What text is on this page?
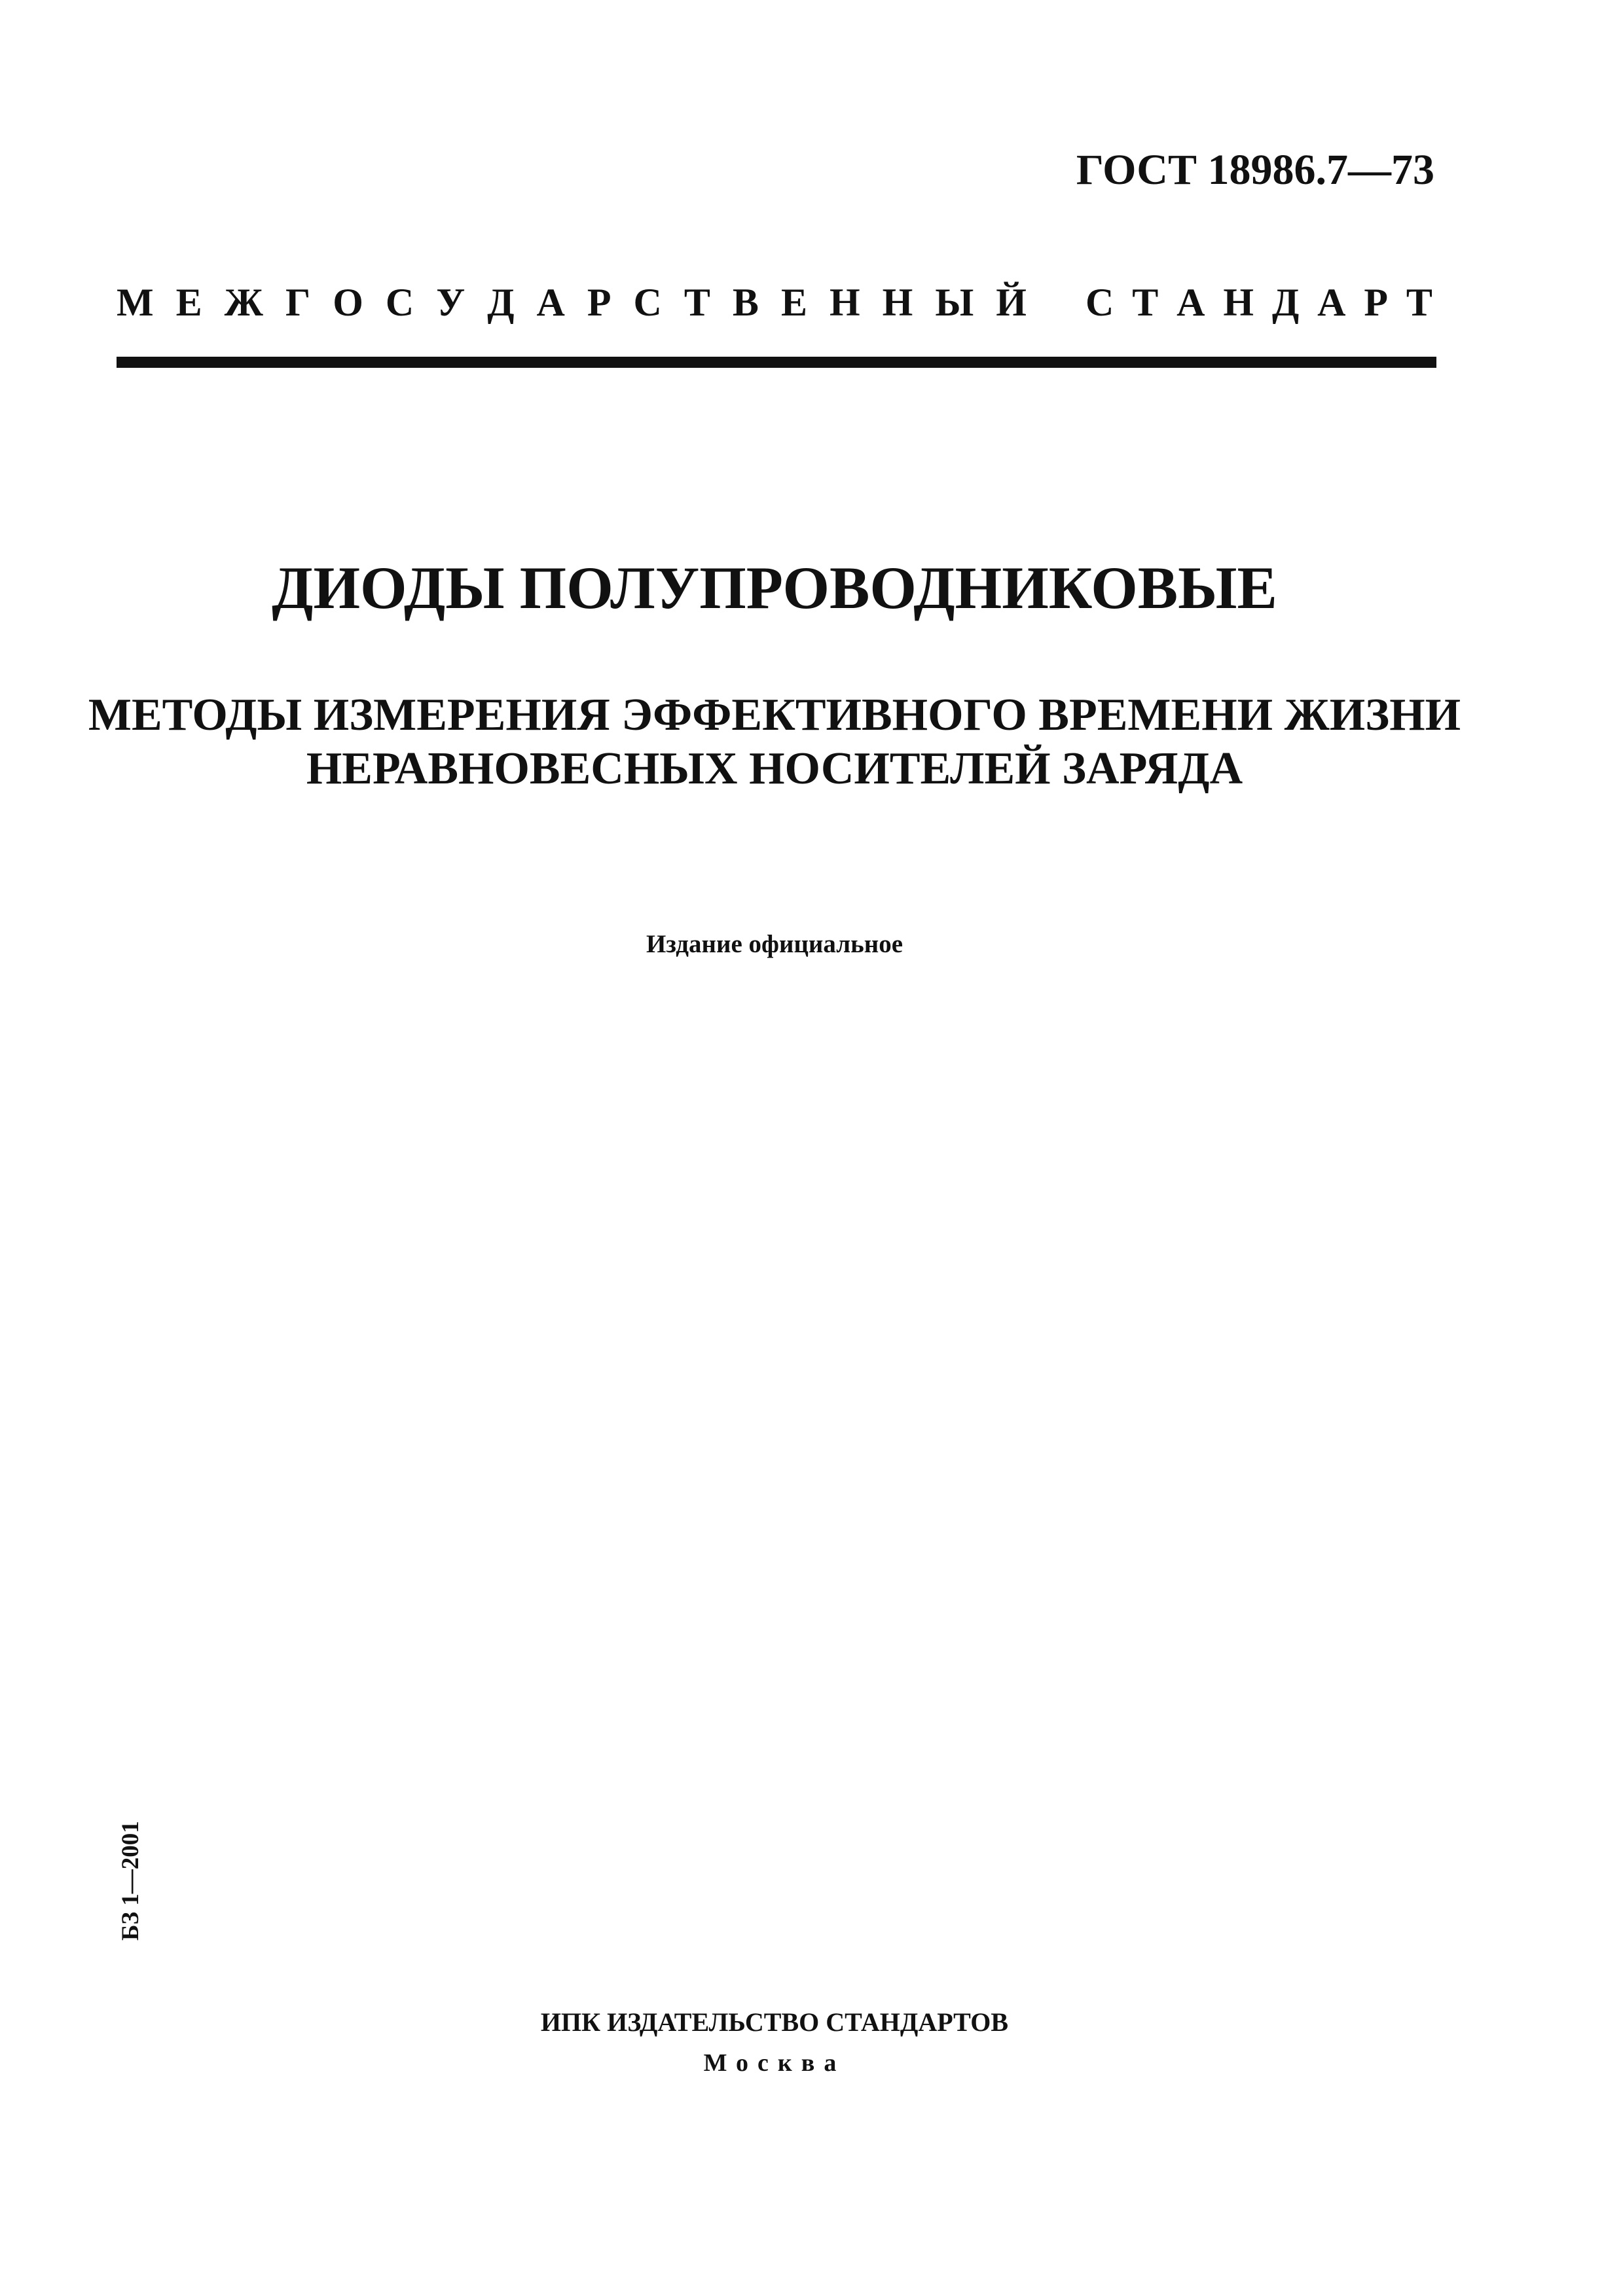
ГОСТ 18986.7—73
М Е Ж Г О С У Д А Р С Т В Е Н Н Ы Й С Т А Н Д А Р Т
ДИОДЫ ПОЛУПРОВОДНИКОВЫЕ
МЕТОДЫ ИЗМЕРЕНИЯ ЭФФЕКТИВНОГО ВРЕМЕНИ ЖИЗНИ
НЕРАВНОВЕСНЫХ НОСИТЕЛЕЙ ЗАРЯДА
Издание официальное
БЗ 1—2001
ИПК ИЗДАТЕЛЬСТВО СТАНДАРТОВ
Москва
